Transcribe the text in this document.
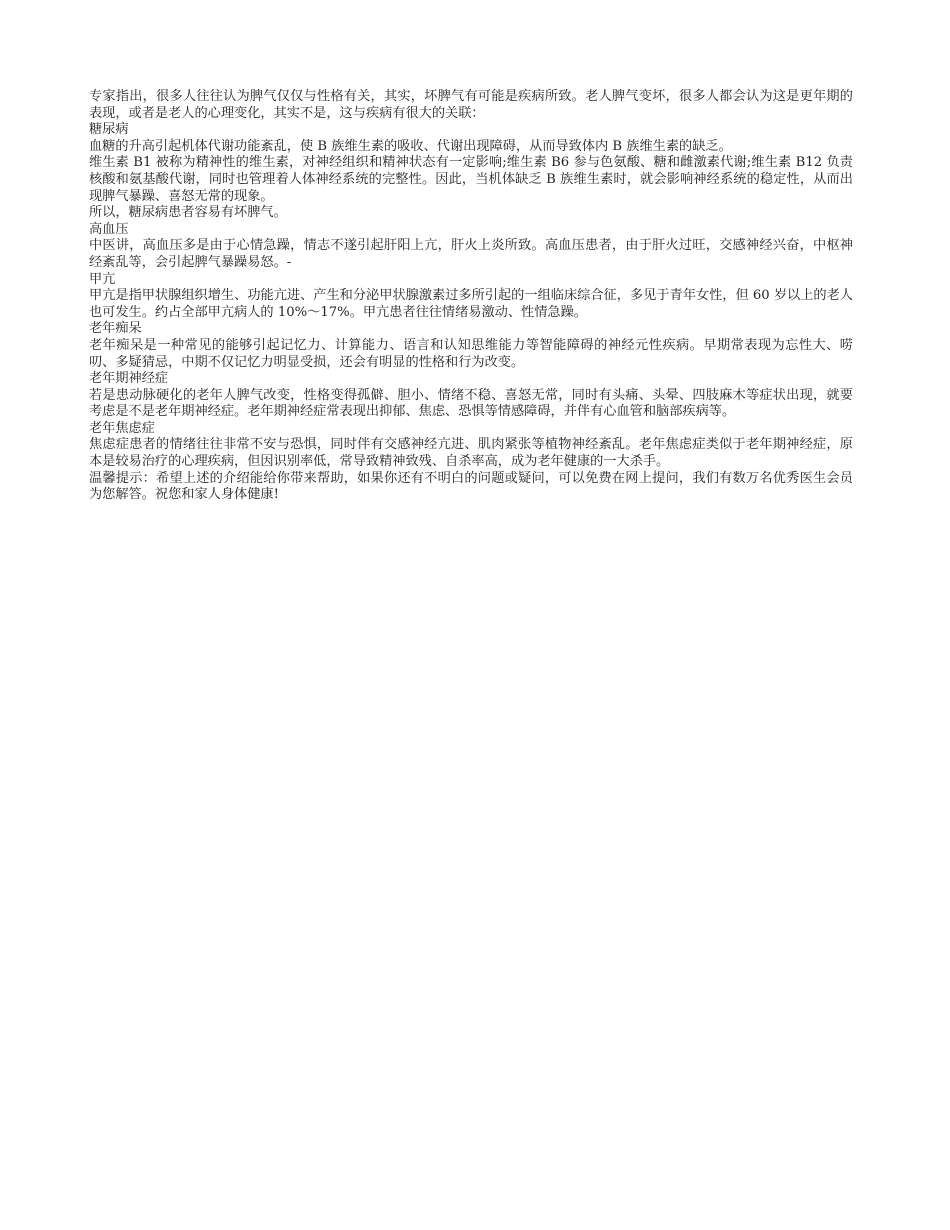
专家指出，很多人往往认为脾气仅仅与性格有关，其实，坏脾气有可能是疾病所致。老人脾气变坏，很多人都会认为这是更年期的表现，或者是老人的心理变化，其实不是，这与疾病有很大的关联：

糖尿病

血糖的升高引起机体代谢功能紊乱，使 B 族维生素的吸收、代谢出现障碍，从而导致体内 B 族维生素的缺乏。

维生素 B1 被称为精神性的维生素，对神经组织和精神状态有一定影响;维生素 B6 参与色氨酸、糖和雌激素代谢;维生素 B12 负责核酸和氨基酸代谢，同时也管理着人体神经系统的完整性。因此，当机体缺乏 B 族维生素时，就会影响神经系统的稳定性，从而出现脾气暴躁、喜怒无常的现象。

所以，糖尿病患者容易有坏脾气。

高血压

中医讲，高血压多是由于心情急躁，情志不遂引起肝阳上亢，肝火上炎所致。高血压患者，由于肝火过旺，交感神经兴奋，中枢神经紊乱等，会引起脾气暴躁易怒。-

甲亢

甲亢是指甲状腺组织增生、功能亢进、产生和分泌甲状腺激素过多所引起的一组临床综合征，多见于青年女性，但 60 岁以上的老人也可发生。约占全部甲亢病人的 10%～17%。甲亢患者往往情绪易激动、性情急躁。

老年痴呆

老年痴呆是一种常见的能够引起记忆力、计算能力、语言和认知思维能力等智能障碍的神经元性疾病。早期常表现为忘性大、唠叨、多疑猜忌，中期不仅记忆力明显受损，还会有明显的性格和行为改变。

老年期神经症

若是患动脉硬化的老年人脾气改变，性格变得孤僻、胆小、情绪不稳、喜怒无常，同时有头痛、头晕、四肢麻木等症状出现，就要考虑是不是老年期神经症。老年期神经症常表现出抑郁、焦虑、恐惧等情感障碍，并伴有心血管和脑部疾病等。

老年焦虑症

焦虑症患者的情绪往往非常不安与恐惧，同时伴有交感神经亢进、肌肉紧张等植物神经紊乱。老年焦虑症类似于老年期神经症，原本是较易治疗的心理疾病，但因识别率低，常导致精神致残、自杀率高，成为老年健康的一大杀手。

温馨提示：希望上述的介绍能给你带来帮助，如果你还有不明白的问题或疑问，可以免费在网上提问，我们有数万名优秀医生会员为您解答。祝您和家人身体健康!
